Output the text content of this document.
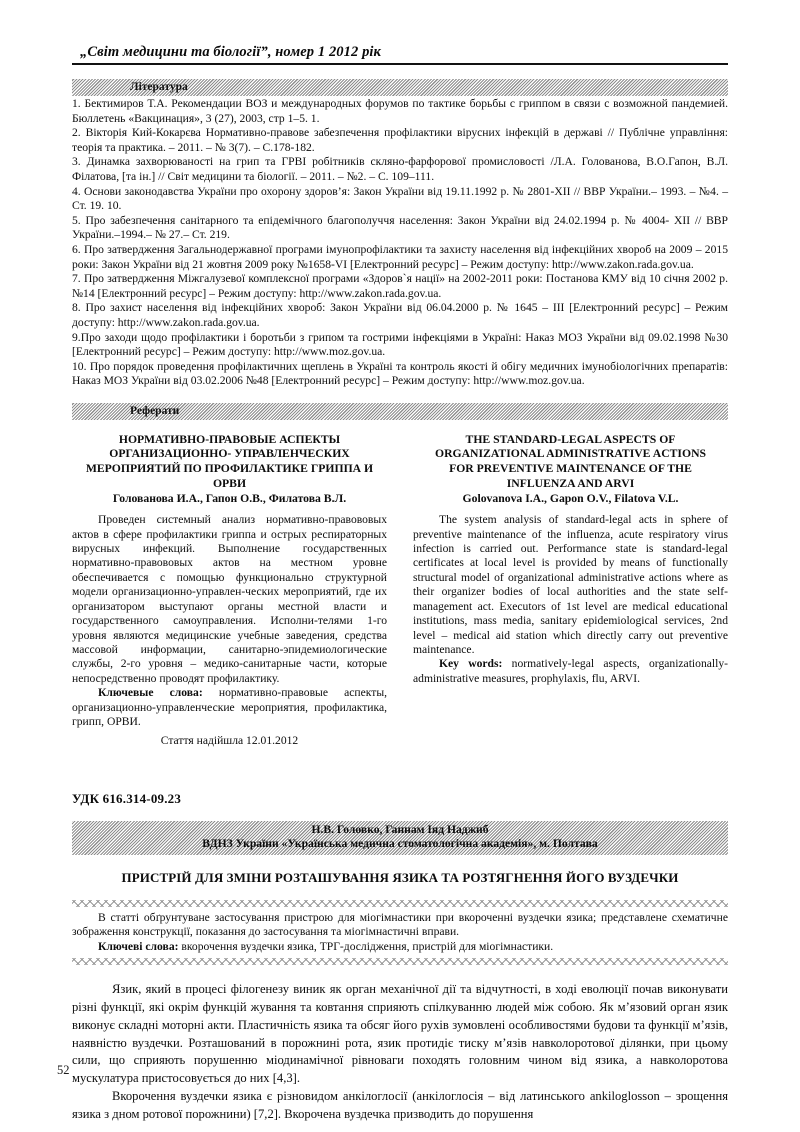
„Світ медицини та біології”, номер 1 2012 рік
Література

1. Бектимиров Т.А. Рекомендации ВОЗ и международных форумов по тактике борьбы с гриппом в связи с возможной пандемией. Бюллетень «Вакцинация», 3 (27), 2003, стр 1–5. 1.

2. Вікторія Кий-Кокарєва Нормативно-правове забезпечення профілактики вірусних інфекцій в державі // Публічне управління: теорія та практика. – 2011. – № 3(7). – С.178-182.

3. Динамка захворюваності на грип та ГРВІ робітників скляно-фарфорової промисловості /Л.А. Голованова, В.О.Гапон, В.Л. Філатова, [та ін.] // Світ медицини та біології. – 2011. – №2. – С. 109–111.

4. Основи законодавства України про охорону здоров’я: Закон України від 19.11.1992 р. № 2801-XII // ВВР України.– 1993. – №4. – Ст. 19. 10.

5. Про забезпечення санітарного та епідемічного благополуччя населення: Закон України від 24.02.1994 р. № 4004- XII // ВВР України.–1994.– № 27.– Ст. 219.

6. Про затвердження Загальнодержавної програми імунопрофілактики та захисту населення від інфекційних хвороб на 2009 – 2015 роки: Закон України від 21 жовтня 2009 року №1658-VI [Електронний ресурс] – Режим доступу: http://www.zakon.rada.gov.ua.

7. Про затвердження Міжгалузевої комплексної програми «Здоров`я нації» на 2002-2011 роки: Постанова КМУ від 10 січня 2002 р. №14 [Електронний ресурс] – Режим доступу: http://www.zakon.rada.gov.ua.

8. Про захист населення від інфекційних хвороб: Закон України від 06.04.2000 р. № 1645 – III [Електронний ресурс] – Режим доступу: http://www.zakon.rada.gov.ua.

9.Про заходи щодо профілактики і боротьби з грипом та гострими інфекціями в Україні: Наказ МОЗ України від 09.02.1998 №30 [Електронний ресурс] – Режим доступу: http://www.moz.gov.ua.

10. Про порядок проведення профілактичних щеплень в Україні та контроль якості й обігу медичних імунобіологічних препаратів: Наказ МОЗ України від 03.02.2006 №48 [Електронний ресурс] – Режим доступу: http://www.moz.gov.ua.

Реферати

НОРМАТИВНО-ПРАВОВЫЕ АСПЕКТЫ

ОРГАНИЗАЦИОННО- УПРАВЛЕНЧЕСКИХ

МЕРОПРИЯТИЙ ПО ПРОФИЛАКТИКЕ ГРИППА И ОРВИ

Голованова И.А., Гапон О.В., Филатова В.Л.

Проведен системный анализ нормативно-правововых актов в сфере профилактики гриппа и острых респираторных вирусных инфекций. Выполнение государственных нормативно-правововых актов на местном уровне обеспечивается с помощью функционально структурной модели организационно-управлен-ческих мероприятий, где их организатором выступают органы местной власти и государственного самоуправления. Исполни-телями 1-го уровня являются медицинские учебные заведения, средства массовой информации, санитарно-эпидемиологические службы, 2-го уровня – медико-санитарные части, которые непосредственно проводят профилактику.

Ключевые слова: нормативно-правовые аспекты, организационно-управленческие мероприятия, профилактика, грипп, ОРВИ.

Стаття надійшла 12.01.2012

THE STANDARD-LEGAL ASPECTS OF

ORGANIZATIONAL ADMINISTRATIVE ACTIONS

FOR PREVENTIVE MAINTENANCE OF THE

INFLUENZA AND ARVI

Golovanova I.A., Gapon O.V., Filatova V.L.

The system analysis of standard-legal acts in sphere of preventive maintenance of the influenza, acute respiratory virus infection is carried out. Performance state is standard-legal certificates at local level is provided by means of functionally structural model of organizational administrative actions where as their organizer bodies of local authorities and the state self-management act. Executors of 1st level are medical educational institutions, mass media, sanitary epidemiological services, 2nd level – medical aid station which directly carry out preventive maintenance.

Key words: normatively-legal aspects, organizationally-administrative measures, prophylaxis, flu, ARVI.

УДК 616.314-09.23
Н.В. Головко, Ганнам Іяд Наджиб
ВДНЗ України «Українська медична стоматологічна академія», м. Полтава
ПРИСТРІЙ ДЛЯ ЗМІНИ РОЗТАШУВАННЯ ЯЗИКА ТА РОЗТЯГНЕННЯ ЙОГО ВУЗДЕЧКИ

В статті обґрунтуване застосування пристрою для міогімнастики при вкороченні вуздечки язика; представлене схематичне зображення конструкції, показання до застосування та міогімнастичні вправи.

Ключеві слова: вкорочення вуздечки язика, ТРГ-дослідження, пристрій для міогімнастики.

Язик, який в процесі філогенезу виник як орган механічної дії та відчутності, в ході еволюції почав виконувати різні функції, які окрім функцій жування та ковтання сприяють спілкуванню людей між собою. Як м’язовий орган язик виконує складні моторні акти. Пластичність язика та обсяг його рухів зумовлені особливостями будови та функції м’язів, наявністю вуздечки. Розташований в порожнині рота, язик протидіє тиску м’язів навколоротової ділянки, при цьому сили, що сприяють порушенню міодинамічної рівноваги походять головним чином від язика, а навколоротова мускулатура пристосовується до них [4,3].

Вкорочення вуздечки язика є різновидом анкілоглосії (анкілоглосія – від латинського ankiloglosson – зрощення язика з дном ротової порожнини) [7,2]. Вкорочена вуздечка призводить до порушення

52
